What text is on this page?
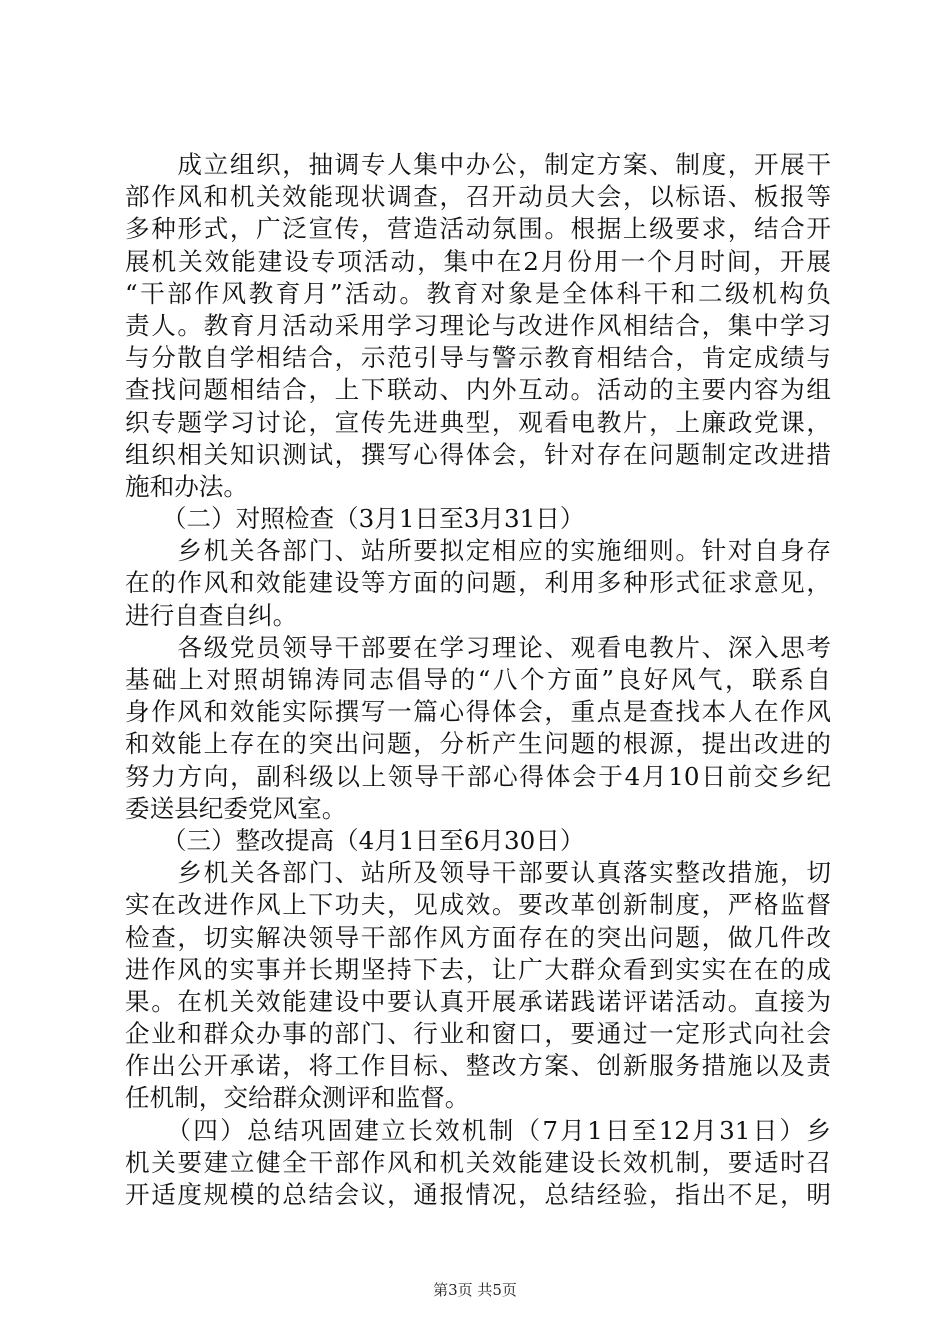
　　成立组织，抽调专人集中办公，制定方案、制度，开展干
部作风和机关效能现状调查，召开动员大会，以标语、板报等
多种形式，广泛宣传，营造活动氛围。根据上级要求，结合开
展机关效能建设专项活动，集中在2月份用一个月时间，开展
“干部作风教育月”活动。教育对象是全体科干和二级机构负
责人。教育月活动采用学习理论与改进作风相结合，集中学习
与分散自学相结合，示范引导与警示教育相结合，肯定成绩与
查找问题相结合，上下联动、内外互动。活动的主要内容为组
织专题学习讨论，宣传先进典型，观看电教片，上廉政党课，
组织相关知识测试，撰写心得体会，针对存在问题制定改进措
施和办法。
　　（二）对照检查（3月1日至3月31日）
　　乡机关各部门、站所要拟定相应的实施细则。针对自身存
在的作风和效能建设等方面的问题，利用多种形式征求意见，
进行自查自纠。
　　各级党员领导干部要在学习理论、观看电教片、深入思考
基础上对照胡锦涛同志倡导的“八个方面”良好风气，联系自
身作风和效能实际撰写一篇心得体会，重点是查找本人在作风
和效能上存在的突出问题，分析产生问题的根源，提出改进的
努力方向，副科级以上领导干部心得体会于4月10日前交乡纪
委送县纪委党风室。
　　（三）整改提高（4月1日至6月30日）
　　乡机关各部门、站所及领导干部要认真落实整改措施，切
实在改进作风上下功夫，见成效。要改革创新制度，严格监督
检查，切实解决领导干部作风方面存在的突出问题，做几件改
进作风的实事并长期坚持下去，让广大群众看到实实在在的成
果。在机关效能建设中要认真开展承诺践诺评诺活动。直接为
企业和群众办事的部门、行业和窗口，要通过一定形式向社会
作出公开承诺，将工作目标、整改方案、创新服务措施以及责
任机制，交给群众测评和监督。
　　（四）总结巩固建立长效机制（7月1日至12月31日）乡
机关要建立健全干部作风和机关效能建设长效机制，要适时召
开适度规模的总结会议，通报情况，总结经验，指出不足，明
第3页 共5页
